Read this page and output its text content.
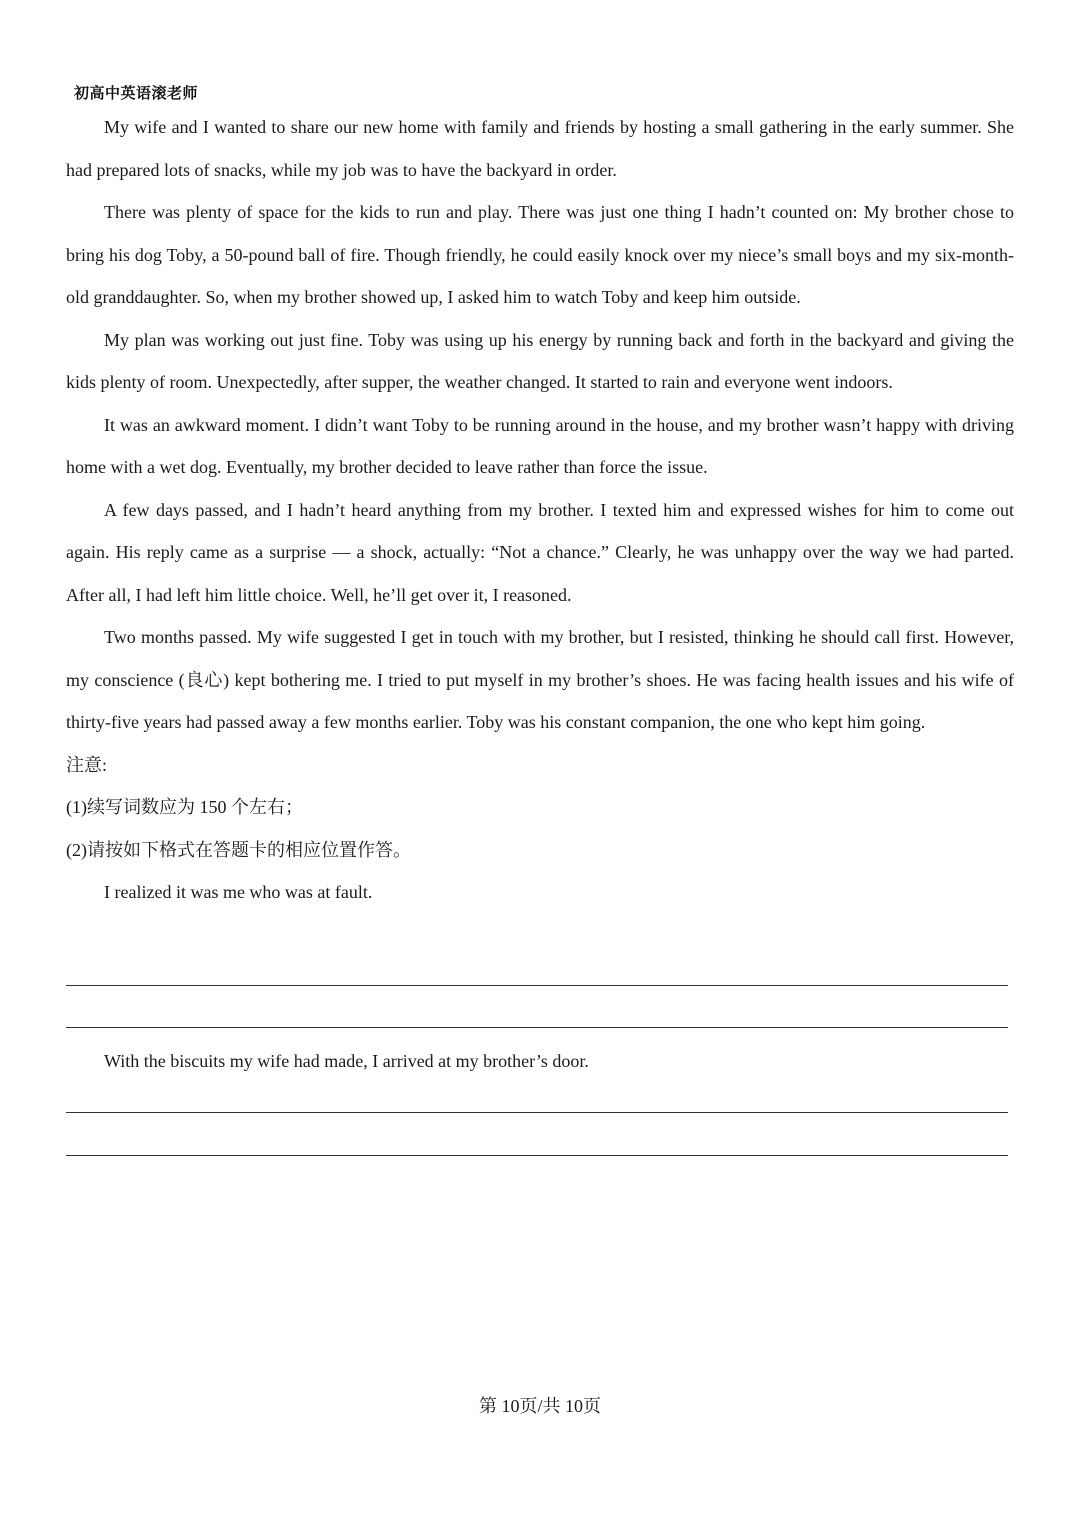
初高中英语滚老师

My wife and I wanted to share our new home with family and friends by hosting a small gathering in the early summer. She had prepared lots of snacks, while my job was to have the backyard in order.

There was plenty of space for the kids to run and play. There was just one thing I hadn’t counted on: My brother chose to bring his dog Toby, a 50-pound ball of fire. Though friendly, he could easily knock over my niece’s small boys and my six-month-old granddaughter. So, when my brother showed up, I asked him to watch Toby and keep him outside.

My plan was working out just fine. Toby was using up his energy by running back and forth in the backyard and giving the kids plenty of room. Unexpectedly, after supper, the weather changed. It started to rain and everyone went indoors.

It was an awkward moment. I didn’t want Toby to be running around in the house, and my brother wasn’t happy with driving home with a wet dog. Eventually, my brother decided to leave rather than force the issue.

A few days passed, and I hadn’t heard anything from my brother. I texted him and expressed wishes for him to come out again. His reply came as a surprise — a shock, actually: “Not a chance.” Clearly, he was unhappy over the way we had parted. After all, I had left him little choice. Well, he’ll get over it, I reasoned.

Two months passed. My wife suggested I get in touch with my brother, but I resisted, thinking he should call first. However, my conscience (良心) kept bothering me. I tried to put myself in my brother’s shoes. He was facing health issues and his wife of thirty-five years had passed away a few months earlier. Toby was his constant companion, the one who kept him going.

注意:

(1)续写词数应为 150 个左右；

(2)请按如下格式在答题卡的相应位置作答。

I realized it was me who was at fault.

With the biscuits my wife had made, I arrived at my brother’s door.

第 10页/共 10页
